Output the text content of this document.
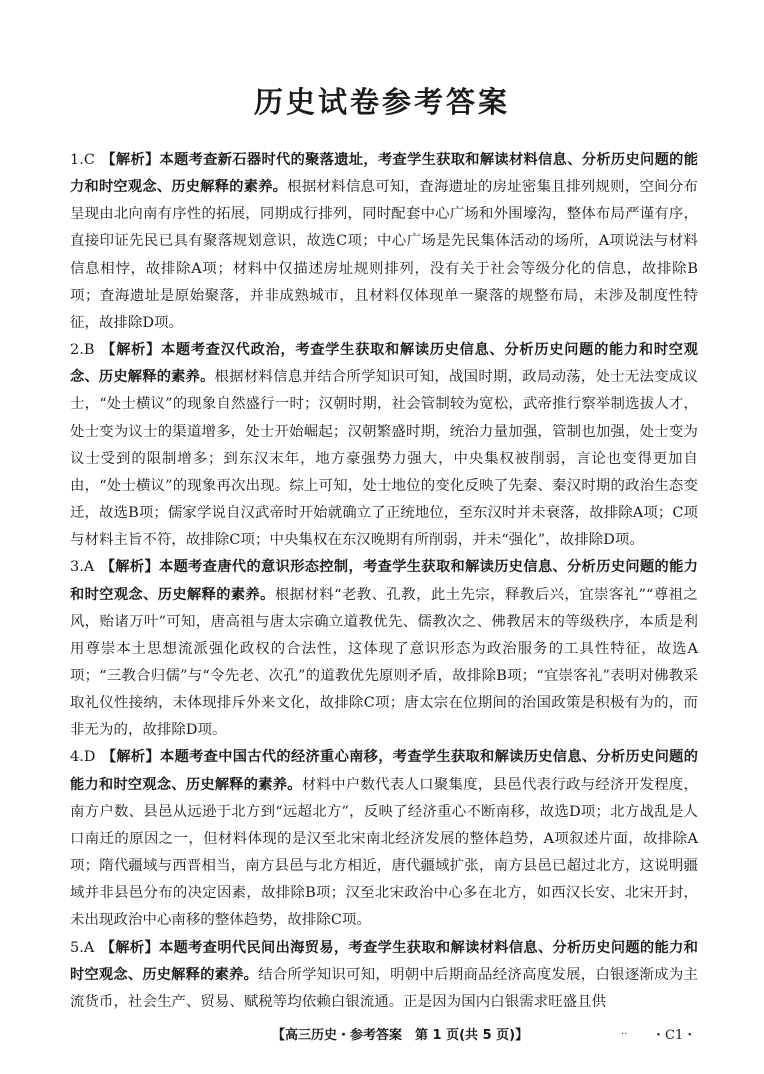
历史试卷参考答案

1.C 【解析】本题考查新石器时代的聚落遗址，考查学生获取和解读材料信息、分析历史问题的能力和时空观念、历史解释的素养。根据材料信息可知，査海遗址的房址密集且排列规则，空间分布呈现由北向南有序性的拓展，同期成行排列，同时配套中心广场和外围壕沟，整体布局严谨有序，直接印证先民已具有聚落规划意识，故选C项；中心广场是先民集体活动的场所，A项说法与材料信息相悖，故排除A项；材料中仅描述房址规则排列，没有关于社会等级分化的信息，故排除B项；査海遗址是原始聚落，并非成熟城市，且材料仅体现单一聚落的规整布局，未涉及制度性特征，故排除D项。

2.B 【解析】本题考查汉代政治，考查学生获取和解读历史信息、分析历史问题的能力和时空观念、历史解释的素养。根据材料信息并结合所学知识可知，战国时期，政局动荡，处士无法变成议士，“处士横议”的现象自然盛行一时；汉朝时期，社会管制较为宽松，武帝推行察举制选拔人才，处士变为议士的渠道增多，处士开始崛起；汉朝繁盛时期，统治力量加强，管制也加强，处士变为议士受到的限制增多；到东汉末年，地方豪强势力强大，中央集权被削弱，言论也变得更加自由，“处士横议”的现象再次出现。综上可知，处士地位的变化反映了先秦、秦汉时期的政治生态变迁，故选B项；儒家学说自汉武帝时开始就确立了正统地位，至东汉时并未衰落，故排除A项；C项与材料主旨不符，故排除C项；中央集权在东汉晚期有所削弱，并未“强化”，故排除D项。

3.A 【解析】本题考查唐代的意识形态控制，考查学生获取和解读历史信息、分析历史问题的能力和时空观念、历史解释的素养。根据材料“老教、孔教，此土先宗，释教后兴，宜崇客礼”“尊祖之风，贻诸万叶”可知，唐高祖与唐太宗确立道教优先、儒教次之、佛教居末的等级秩序，本质是利用尊崇本土思想流派强化政权的合法性，这体现了意识形态为政治服务的工具性特征，故选A项；“三教合归儒”与“令先老、次孔”的道教优先原则矛盾，故排除B项；“宜崇客礼”表明对佛教采取礼仪性接纳，未体现排斥外来文化，故排除C项；唐太宗在位期间的治国政策是积极有为的，而非无为的，故排除D项。

4.D 【解析】本题考查中国古代的经济重心南移，考查学生获取和解读历史信息、分析历史问题的能力和时空观念、历史解释的素养。材料中户数代表人口聚集度，县邑代表行政与经济开发程度，南方户数、县邑从远逊于北方到“远超北方”，反映了经济重心不断南移，故选D项；北方战乱是人口南迁的原因之一，但材料体现的是汉至北宋南北经济发展的整体趋势，A项叙述片面，故排除A项；隋代疆域与西晋相当，南方县邑与北方相近，唐代疆域扩张，南方县邑已超过北方，这说明疆域并非县邑分布的决定因素，故排除B项；汉至北宋政治中心多在北方，如西汉长安、北宋开封，未出现政治中心南移的整体趋势，故排除C项。

5.A 【解析】本题考查明代民间出海贸易，考查学生获取和解读材料信息、分析历史问题的能力和时空观念、历史解释的素养。结合所学知识可知，明朝中后期商品经济高度发展，白银逐渐成为主流货币，社会生产、贸易、赋税等均依赖白银流通。正是因为国内白银需求旺盛且供

【高三历史・参考答案　第 1 页(共 5 页)】	.. ・C1・
